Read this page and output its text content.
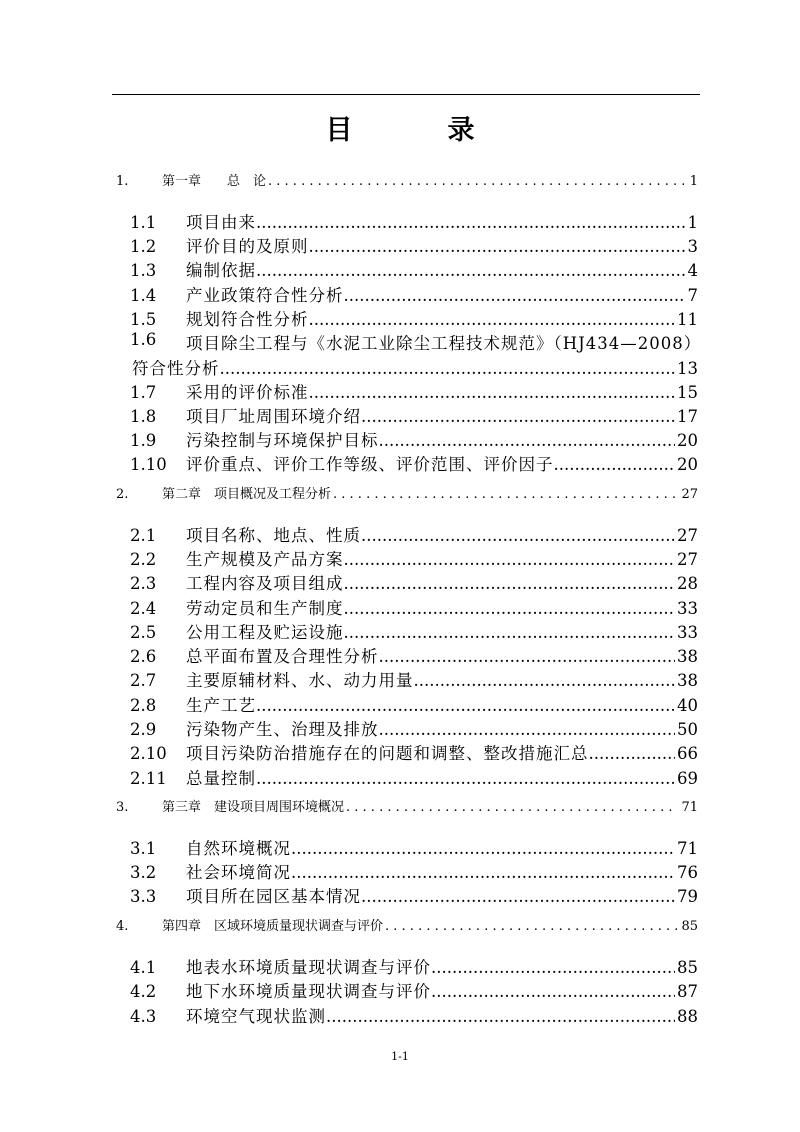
目　录
1.	第一章　　总　论 . . .	1
1.1	项目由来 .....	1
1.2	评价目的及原则 .....	3
1.3	编制依据 .....	4
1.4	产业政策符合性分析 .....	7
1.5	规划符合性分析 .....	11
1.6	项目除尘工程与《水泥工业除尘工程技术规范》（HJ434—2008）
符合性分析 .....	13
1.7	采用的评价标准 .....	15
1.8	项目厂址周围环境介绍 .....	17
1.9	污染控制与环境保护目标 .....	20
1.10	评价重点、评价工作等级、评价范围、评价因子 .....	20
2.	第二章　项目概况及工程分析 . . .	27
2.1	项目名称、地点、性质 .....	27
2.2	生产规模及产品方案 .....	27
2.3	工程内容及项目组成 .....	28
2.4	劳动定员和生产制度 .....	33
2.5	公用工程及贮运设施 .....	33
2.6	总平面布置及合理性分析 .....	38
2.7	主要原辅材料、水、动力用量 .....	38
2.8	生产工艺 .....	40
2.9	污染物产生、治理及排放 .....	50
2.10	项目污染防治措施存在的问题和调整、整改措施汇总 .....	66
2.11	总量控制 .....	69
3.	第三章　建设项目周围环境概况 . . .	71
3.1	自然环境概况 .....	71
3.2	社会环境简况 .....	76
3.3	项目所在园区基本情况 .....	79
4.	第四章　区域环境质量现状调查与评价 . . .	85
4.1	地表水环境质量现状调查与评价 .....	85
4.2	地下水环境质量现状调查与评价 .....	87
4.3	环境空气现状监测 .....	88
1-1
